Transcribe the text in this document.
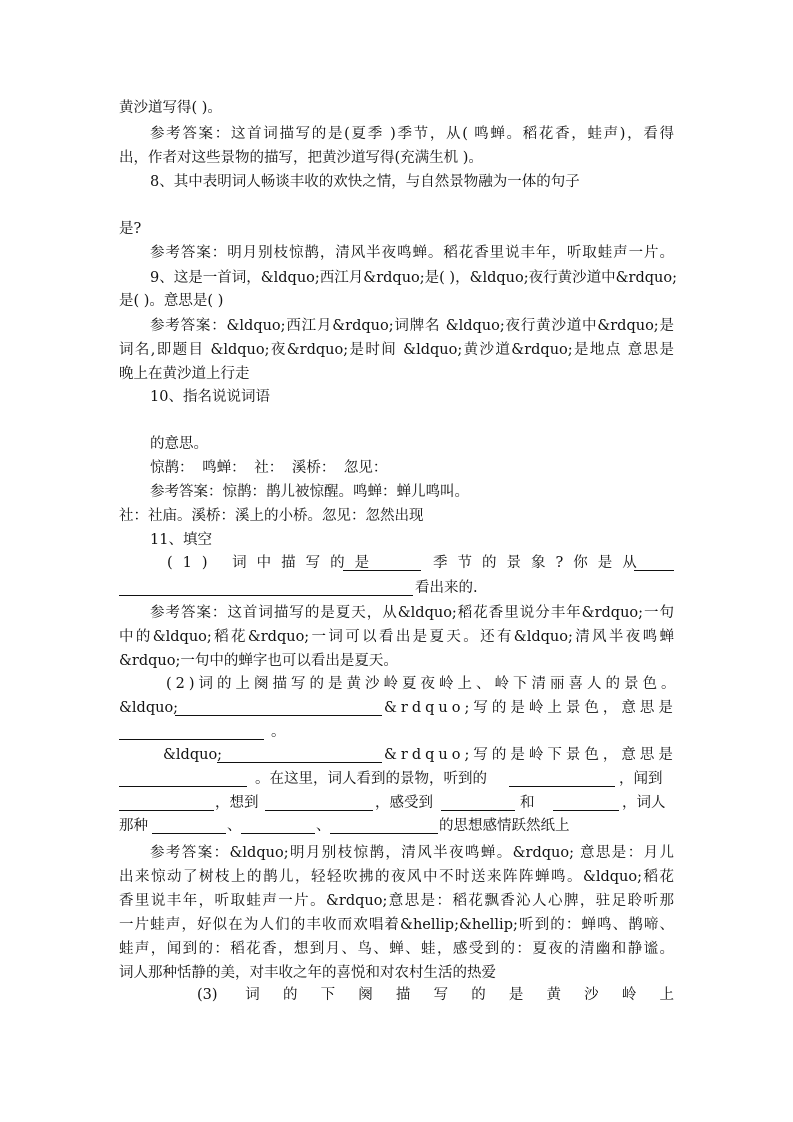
黄沙道写得( )。
参考答案：这首词描写的是(夏季 )季节，从( 鸣蝉。稻花香，蛙声)，看得
出，作者对这些景物的描写，把黄沙道写得(充满生机 )。
8、其中表明词人畅谈丰收的欢快之情，与自然景物融为一体的句子
是?
参考答案：明月别枝惊鹊，清风半夜鸣蝉。稻花香里说丰年，听取蛙声一片。
9、这是一首词，&ldquo;西江月&rdquo;是( )，&ldquo;夜行黄沙道中&rdquo;
是( )。意思是( )
参考答案：&ldquo;西江月&rdquo;词牌名 &ldquo;夜行黄沙道中&rdquo;是
词名,即题目 &ldquo;夜&rdquo;是时间 &ldquo;黄沙道&rdquo;是地点 意思是
晚上在黄沙道上行走
10、指名说说词语
的意思。
惊鹊： 鸣蝉： 社： 溪桥： 忽见：
参考答案：惊鹊：鹊儿被惊醒。鸣蝉：蝉儿鸣叫。
社：社庙。溪桥：溪上的小桥。忽见：忽然出现
11、填空
(1) 词中描写的是	季节的景象?你是从
看出来的.
参考答案：这首词描写的是夏天，从&ldquo;稻花香里说分丰年&rdquo;一句
中的&ldquo;稻花&rdquo;一词可以看出是夏天。还有&ldquo;清风半夜鸣蝉
&rdquo;一句中的蝉字也可以看出是夏天。
(2)词的上阕描写的是黄沙岭夏夜岭上、岭下清丽喜人的景色。
&ldquo;	&rdquo;写的是岭上景色，意思是
。
&ldquo;	&rdquo;写的是岭下景色，意思是
。在这里，词人看到的景物，听到的	，闻到
，想到	，感受到	和	，词人
那种	、	、	的思想感情跃然纸上
参考答案：&ldquo;明月别枝惊鹊，清风半夜鸣蝉。&rdquo; 意思是：月儿
出来惊动了树枝上的鹊儿，轻轻吹拂的夜风中不时送来阵阵蝉鸣。&ldquo;稻花
香里说丰年，听取蛙声一片。&rdquo;意思是：稻花飘香沁人心脾，驻足聆听那
一片蛙声，好似在为人们的丰收而欢唱着&hellip;&hellip;听到的：蝉鸣、鹊啼、
蛙声，闻到的：稻花香，想到月、鸟、蝉、蛙，感受到的：夏夜的清幽和静谧。
词人那种恬静的美，对丰收之年的喜悦和对农村生活的热爱
(3) 词的下阕描写的是黄沙岭上
